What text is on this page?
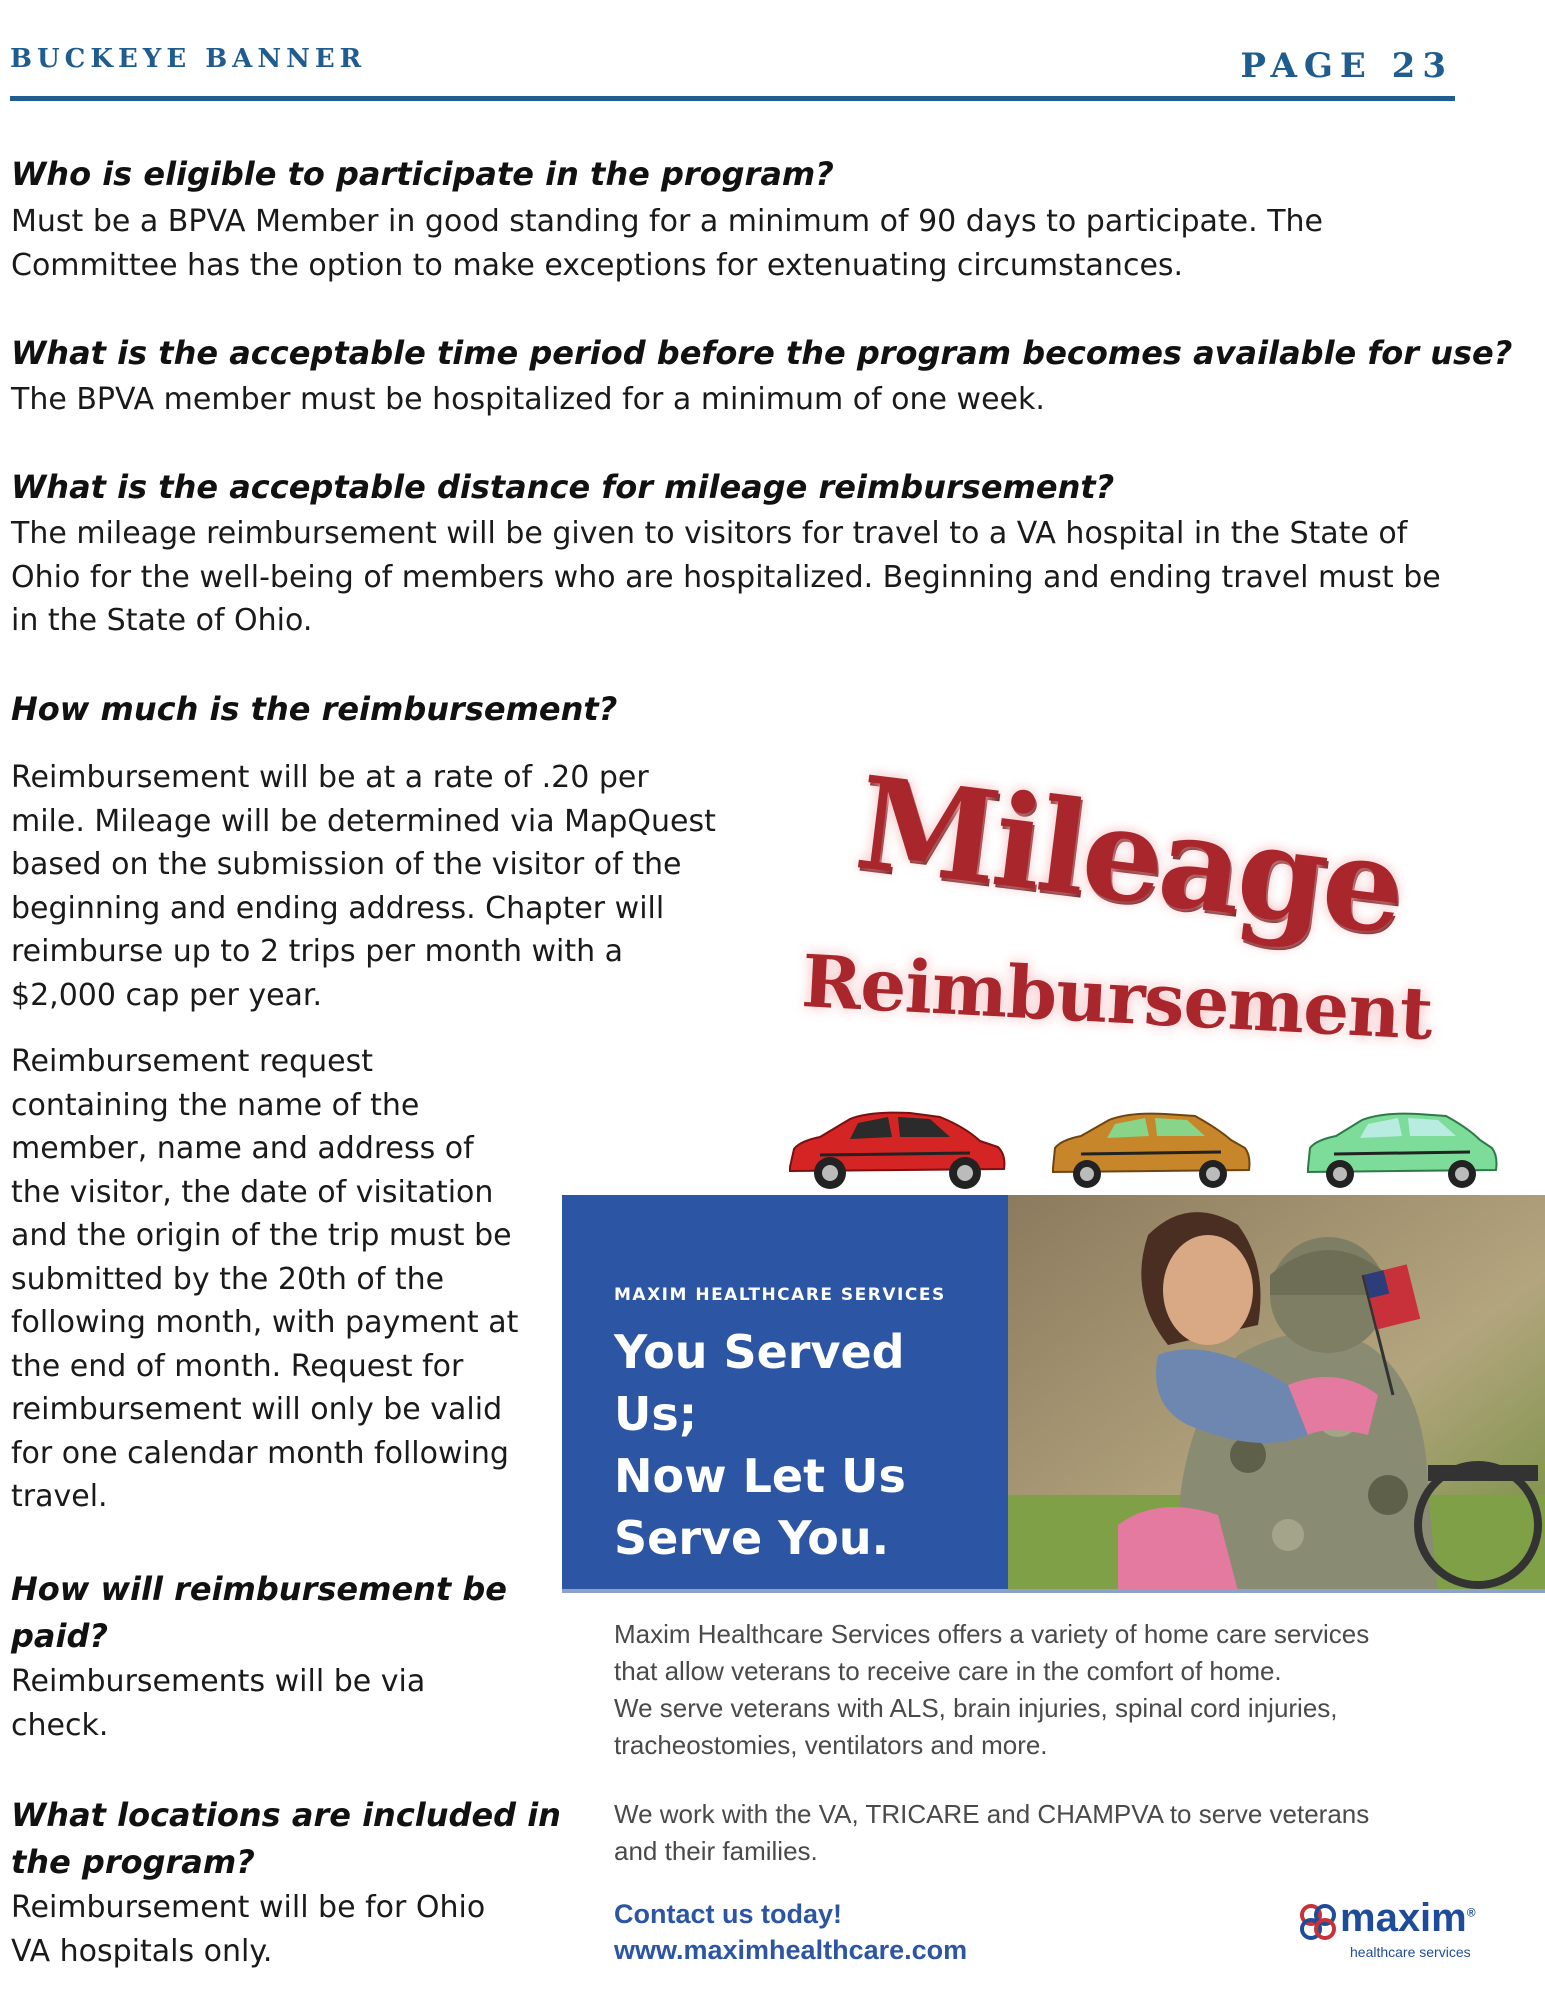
BUCKEYE BANNER	PAGE 23
Who is eligible to participate in the program?
Must be a BPVA Member in good standing for a minimum of 90 days to participate. The
Committee has the option to make exceptions for extenuating circumstances.
What is the acceptable time period before the program becomes available for use?
The BPVA member must be hospitalized for a minimum of one week.
What is the acceptable distance for mileage reimbursement?
The mileage reimbursement will be given to visitors for travel to a VA hospital in the State of
Ohio for the well-being of members who are hospitalized. Beginning and ending travel must be
in the State of Ohio.
How much is the reimbursement?
Reimbursement will be at a rate of .20 per
mile. Mileage will be determined via MapQuest
based on the submission of the visitor of the
beginning and ending address. Chapter will
reimburse up to 2 trips per month with a
$2,000 cap per year.
Reimbursement request
containing the name of the
member, name and address of
the visitor, the date of visitation
and the origin of the trip must be
submitted by the 20th of the
following month, with payment at
the end of month. Request for
reimbursement will only be valid
for one calendar month following
travel.
How will reimbursement be
paid?
Reimbursements will be via
check.
What locations are included in
the program?
Reimbursement will be for Ohio
VA hospitals only.
Mileage
Reimbursement
MAXIM HEALTHCARE SERVICES
You Served Us;
Now Let Us
Serve You.
Maxim Healthcare Services offers a variety of home care services
that allow veterans to receive care in the comfort of home.
We serve veterans with ALS, brain injuries, spinal cord injuries,
tracheostomies, ventilators and more.
We work with the VA, TRICARE and CHAMPVA to serve veterans
and their families.
Contact us today!
www.maximhealthcare.com
maxim®
healthcare services
